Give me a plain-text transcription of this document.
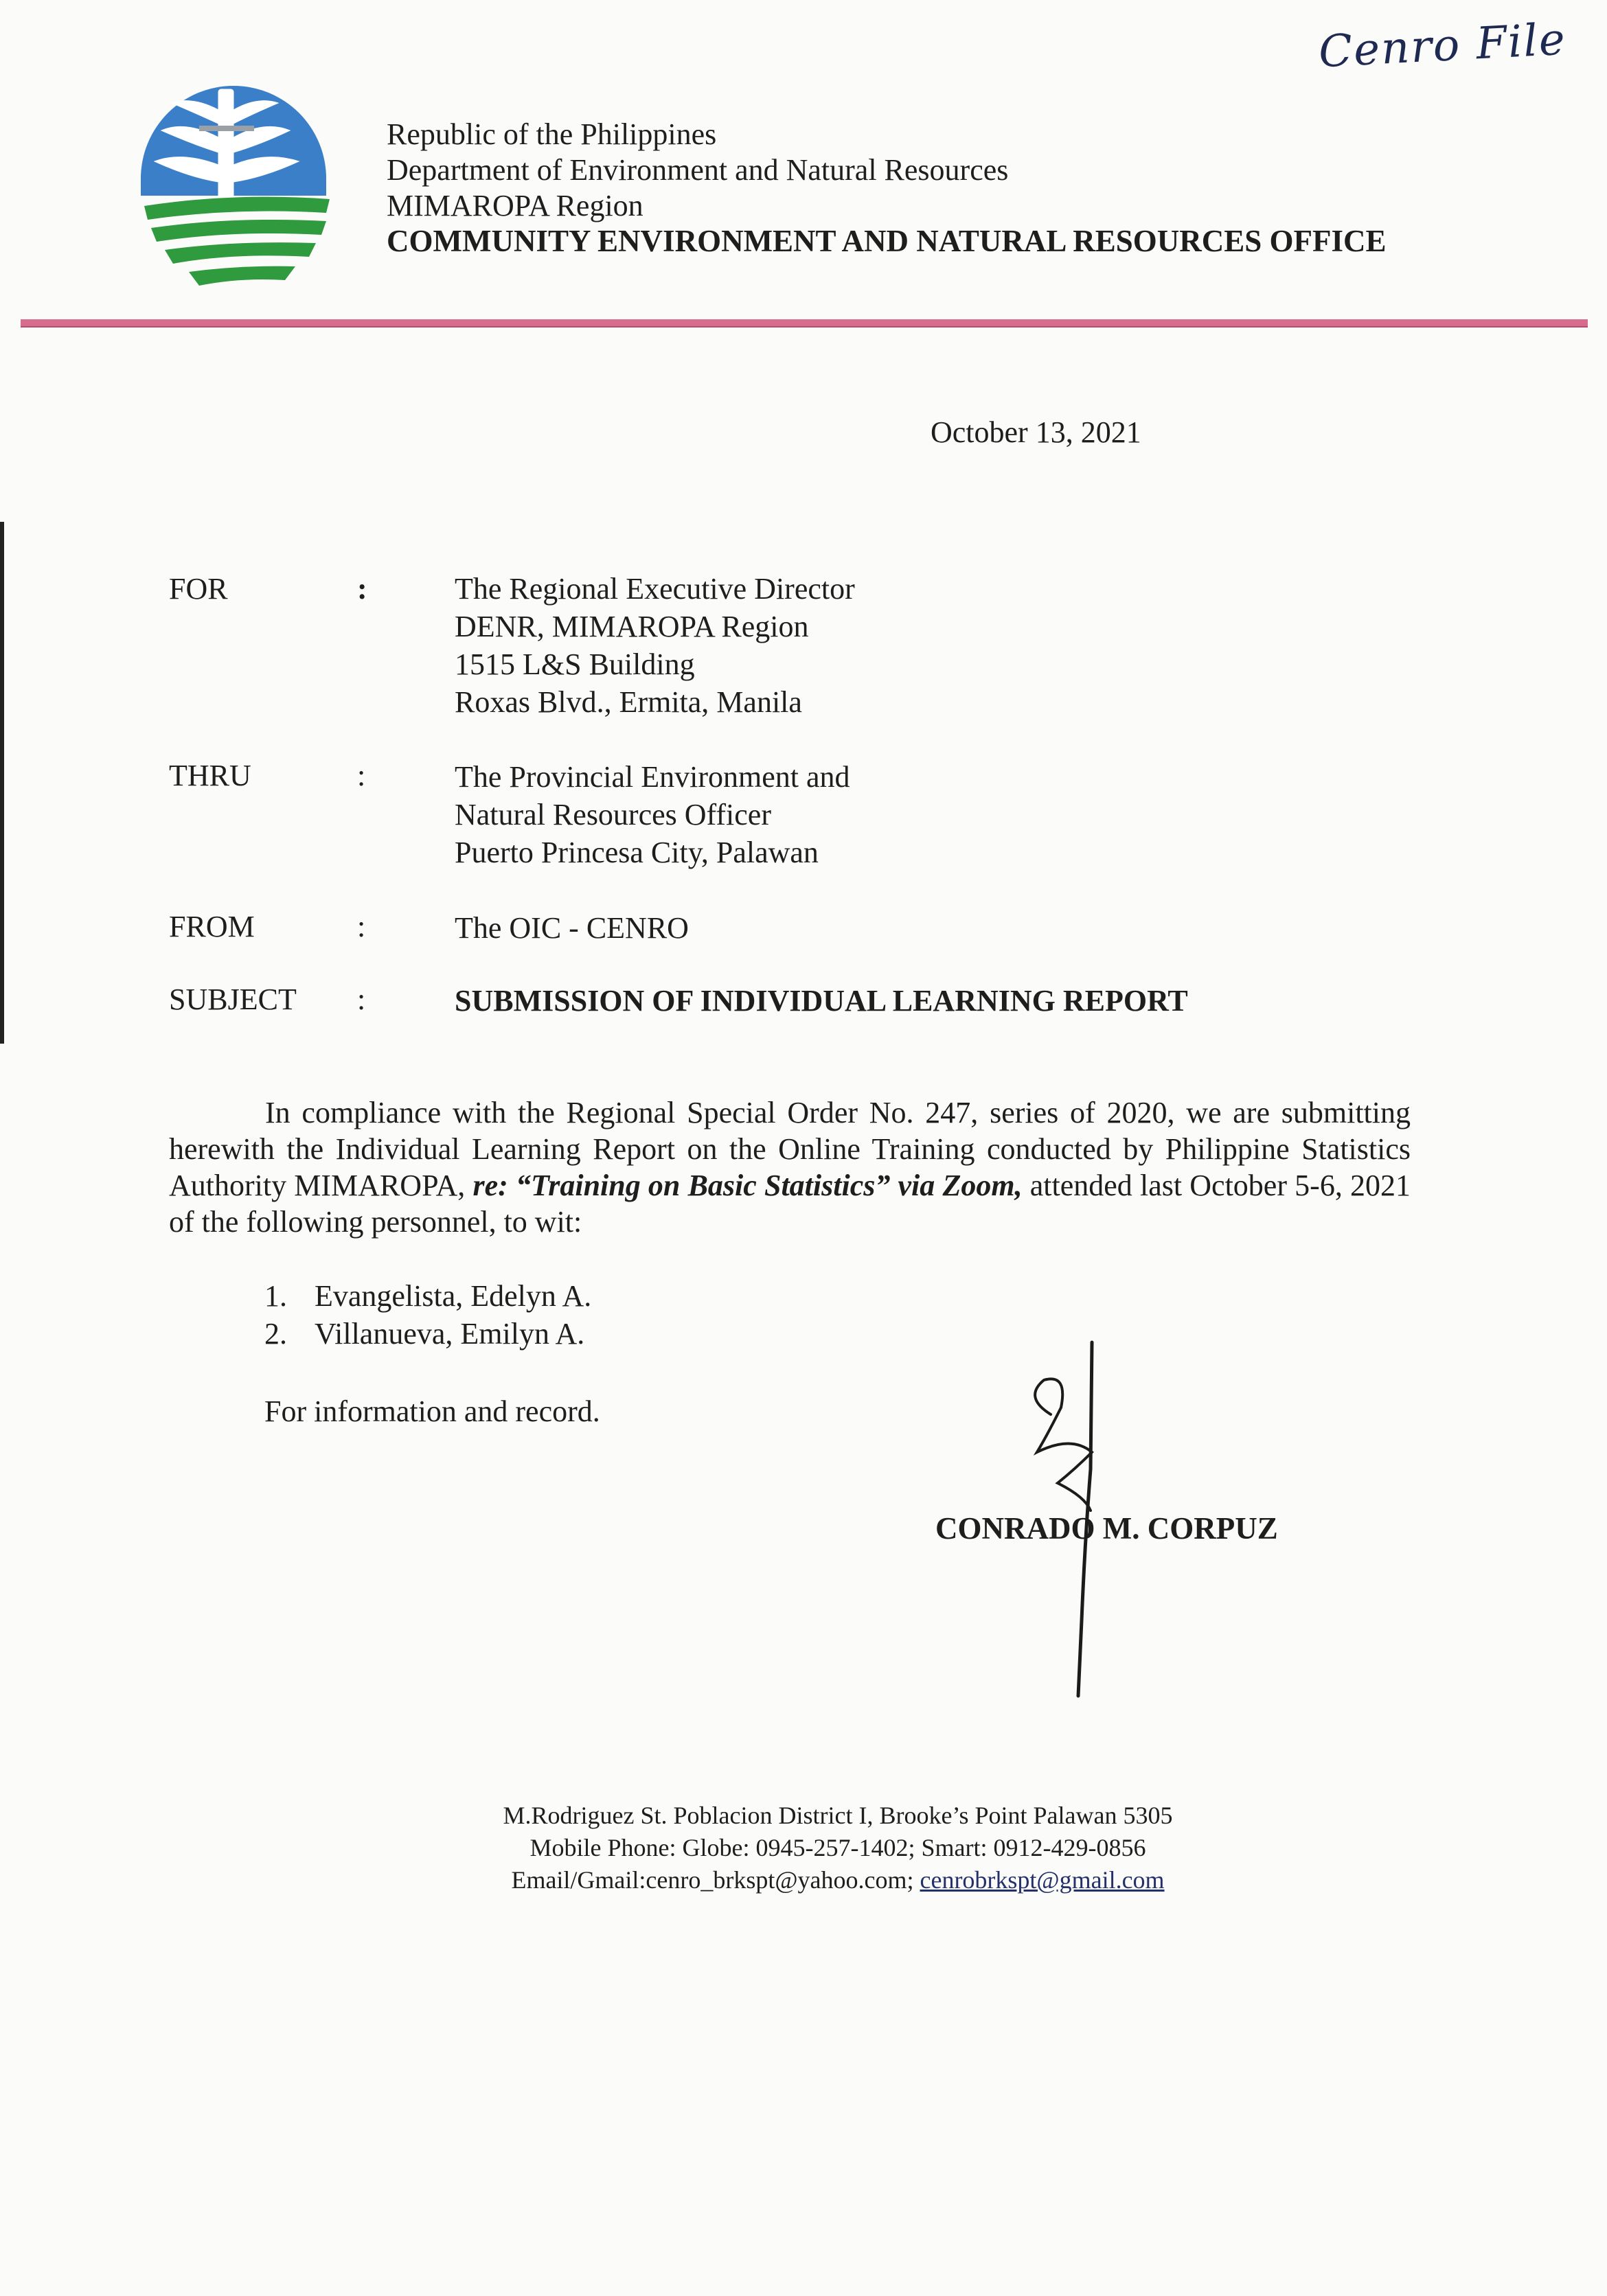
Cenro File
Republic of the Philippines
Department of Environment and Natural Resources
MIMAROPA Region
COMMUNITY ENVIRONMENT AND NATURAL RESOURCES OFFICE
October 13, 2021
FOR	:	The Regional Executive Director
DENR, MIMAROPA Region
1515 L&S Building
Roxas Blvd., Ermita, Manila
THRU	:	The Provincial Environment and
Natural Resources Officer
Puerto Princesa City, Palawan
FROM	:	The OIC - CENRO
SUBJECT :	SUBMISSION OF INDIVIDUAL LEARNING REPORT
In compliance with the Regional Special Order No. 247, series of 2020, we are submitting herewith the Individual Learning Report on the Online Training conducted by Philippine Statistics Authority MIMAROPA, re: “Training on Basic Statistics” via Zoom, attended last October 5-6, 2021 of the following personnel, to wit:
1. Evangelista, Edelyn A.
2. Villanueva, Emilyn A.
For information and record.
CONRADO M. CORPUZ
M.Rodriguez St. Poblacion District I, Brooke’s Point Palawan 5305
Mobile Phone: Globe: 0945-257-1402; Smart: 0912-429-0856
Email/Gmail:cenro_brkspt@yahoo.com; cenrobrkspt@gmail.com
